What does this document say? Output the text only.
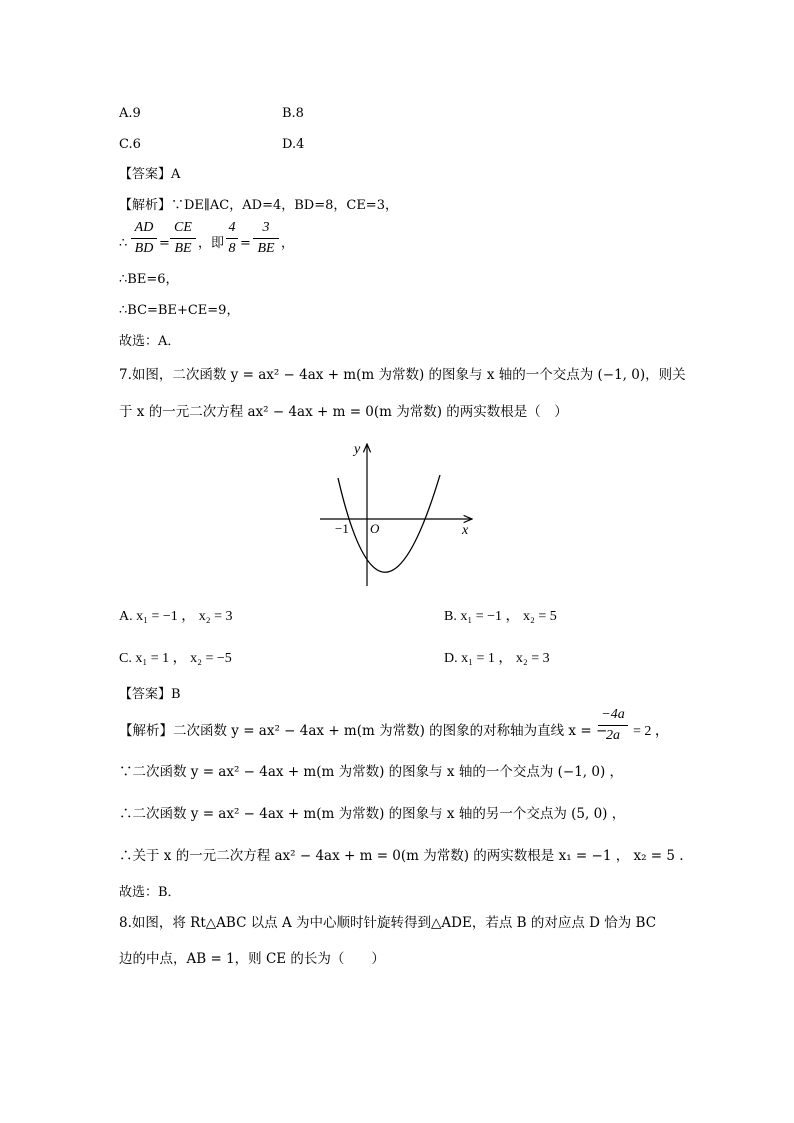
A.9	B.8
C.6	D.4
【答案】A
【解析】∵DE∥AC，AD=4，BD=8，CE=3，
∴
AD
BD =
CE
BE ，即
4
8 =
3
BE ，
∴BE=6，
∴BC=BE+CE=9，
故选：A．
7.如图，二次函数 y = ax² − 4ax + m(m 为常数) 的图象与 x 轴的一个交点为 (−1, 0)，则关
于 x 的一元二次方程 ax² − 4ax + m = 0(m 为常数) 的两实数根是（　）
y
x
O
−1
A. x₁ = −1 ， x₂ = 3	B. x₁ = −1 ， x₂ = 5
C. x₁ = 1 ， x₂ = −5	D. x₁ = 1 ， x₂ = 3
【答案】B
【解析】二次函数 y = ax² − 4ax + m(m 为常数) 的图象的对称轴为直线 x = −
−4a
2a = 2 ，
∵二次函数 y = ax² − 4ax + m(m 为常数) 的图象与 x 轴的一个交点为 (−1, 0) ，
∴二次函数 y = ax² − 4ax + m(m 为常数) 的图象与 x 轴的另一个交点为 (5, 0) ，
∴关于 x 的一元二次方程 ax² − 4ax + m = 0(m 为常数) 的两实数根是 x₁ = −1 ， x₂ = 5 .
故选：B．
8.如图，将 Rt△ABC 以点 A 为中心顺时针旋转得到△ADE，若点 B 的对应点 D 恰为 BC
边的中点，AB = 1，则 CE 的长为（　　）
